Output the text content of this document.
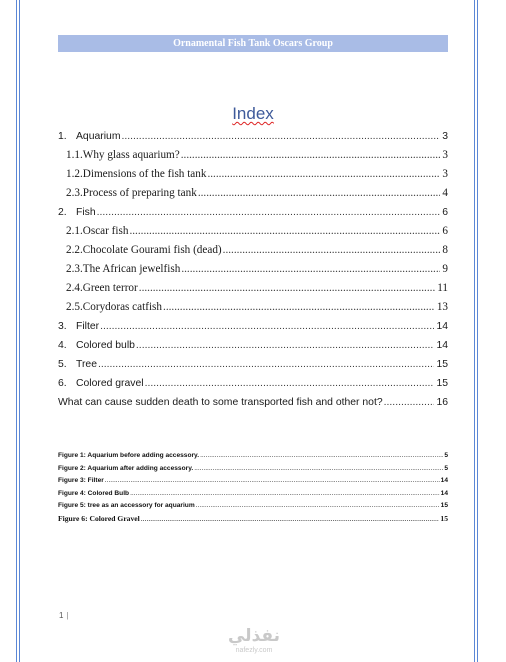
Ornamental Fish Tank Oscars Group
Index
1. Aquarium .....	3
1.1. Why glass aquarium? .....	3
1.2. Dimensions of the fish tank .....	3
2.3. Process of preparing tank .....	4
2. Fish .....	6
2.1. Oscar fish .....	6
2.2. Chocolate Gourami fish (dead) .....	8
2.3. The African jewelfish .....	9
2.4. Green terror .....	11
2.5. Corydoras catfish .....	13
3. Filter .....	14
4. Colored bulb .....	14
5. Tree .....	15
6. Colored gravel .....	15
What can cause sudden death to some transported fish and other not? .....	16
Figure 1: Aquarium before adding accessory. .....	5
Figure 2: Aquarium after adding accessory. .....	5
Figure 3: Filter .....	14
Figure 4: Colored Bulb .....	14
Figure 5: tree as an accessory for aquarium .....	15
Figure 6: Colored Gravel .....	15
1 |
نفذلي
nafezly.com
